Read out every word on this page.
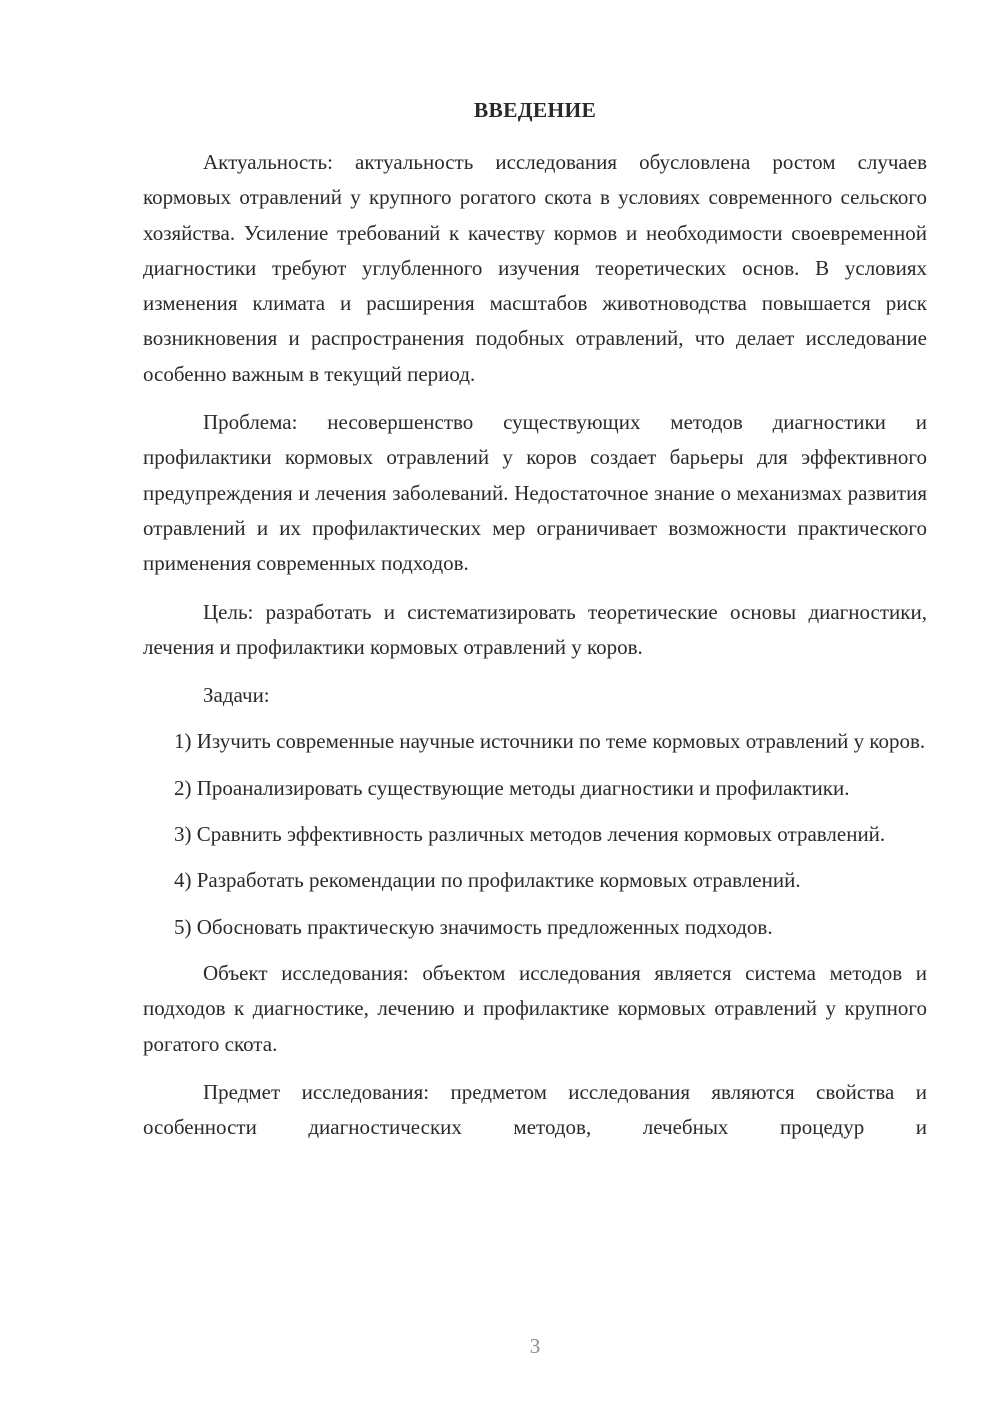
ВВЕДЕНИЕ

Актуальность: актуальность исследования обусловлена ростом случаев кормовых отравлений у крупного рогатого скота в условиях современного сельского хозяйства. Усиление требований к качеству кормов и необходимости своевременной диагностики требуют углубленного изучения теоретических основ. В условиях изменения климата и расширения масштабов животноводства повышается риск возникновения и распространения подобных отравлений, что делает исследование особенно важным в текущий период.

Проблема: несовершенство существующих методов диагностики и профилактики кормовых отравлений у коров создает барьеры для эффективного предупреждения и лечения заболеваний. Недостаточное знание о механизмах развития отравлений и их профилактических мер ограничивает возможности практического применения современных подходов.

Цель: разработать и систематизировать теоретические основы диагностики, лечения и профилактики кормовых отравлений у коров.

Задачи:

1) Изучить современные научные источники по теме кормовых отравлений у коров.

2) Проанализировать существующие методы диагностики и профилактики.

3) Сравнить эффективность различных методов лечения кормовых отравлений.

4) Разработать рекомендации по профилактике кормовых отравлений.

5) Обосновать практическую значимость предложенных подходов.

Объект исследования: объектом исследования является система методов и подходов к диагностике, лечению и профилактике кормовых отравлений у крупного рогатого скота.

Предмет исследования: предметом исследования являются свойства и особенности диагностических методов, лечебных процедур и

3
